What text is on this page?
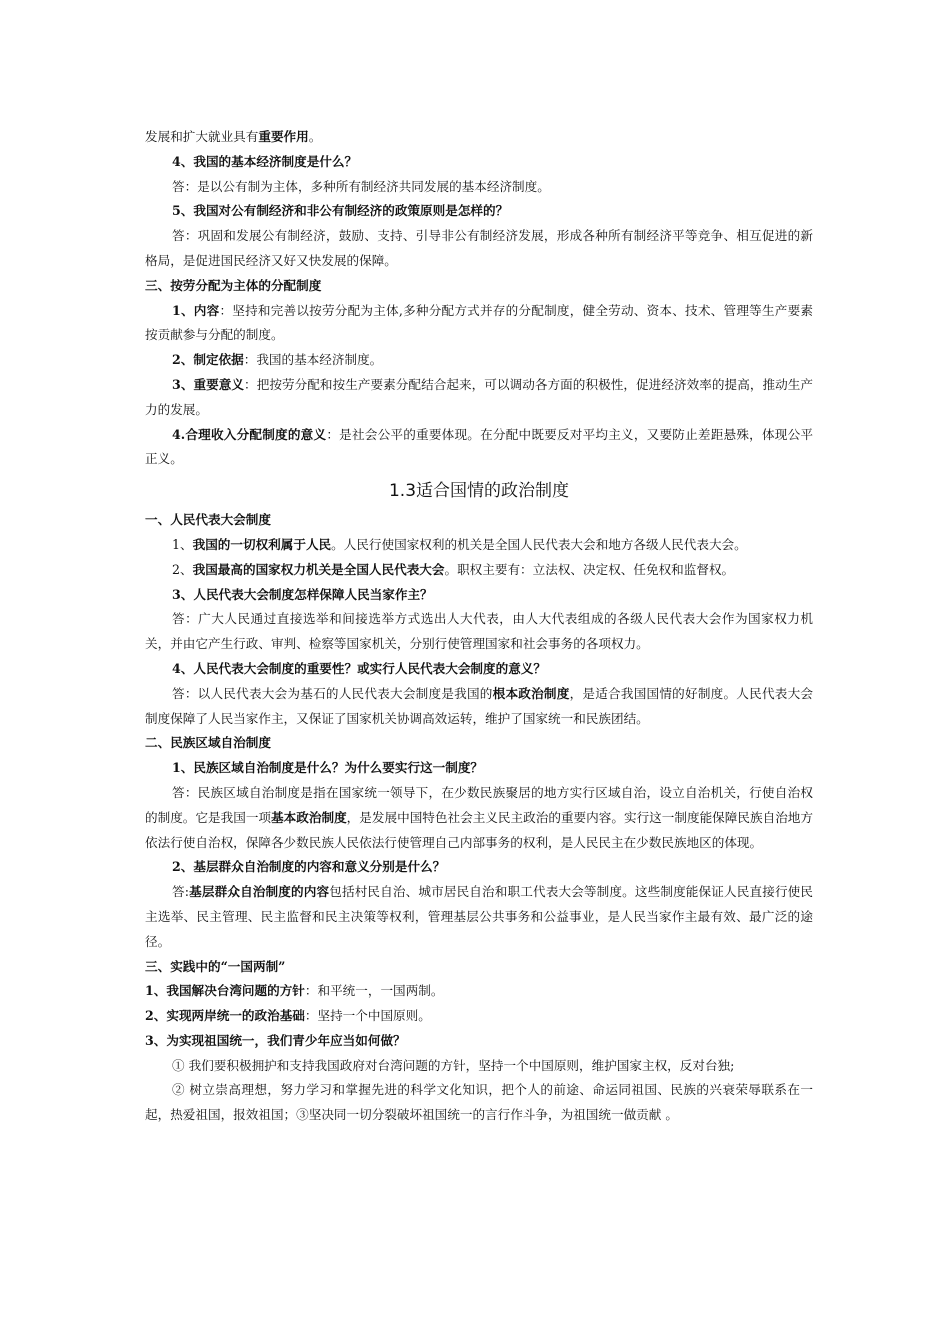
发展和扩大就业具有重要作用。

4、我国的基本经济制度是什么？

答：是以公有制为主体，多种所有制经济共同发展的基本经济制度。

5、我国对公有制经济和非公有制经济的政策原则是怎样的？

答：巩固和发展公有制经济，鼓励、支持、引导非公有制经济发展，形成各种所有制经济平等竞争、相互促进的新格局，是促进国民经济又好又快发展的保障。

三、按劳分配为主体的分配制度

1、内容：坚持和完善以按劳分配为主体,多种分配方式并存的分配制度，健全劳动、资本、技术、管理等生产要素按贡献参与分配的制度。

2、制定依据：我国的基本经济制度。

3、重要意义：把按劳分配和按生产要素分配结合起来，可以调动各方面的积极性，促进经济效率的提高，推动生产力的发展。

4.合理收入分配制度的意义：是社会公平的重要体现。在分配中既要反对平均主义，又要防止差距悬殊，体现公平正义。

1.3适合国情的政治制度

一、人民代表大会制度

1、我国的一切权利属于人民。人民行使国家权利的机关是全国人民代表大会和地方各级人民代表大会。

2、我国最高的国家权力机关是全国人民代表大会。职权主要有：立法权、决定权、任免权和监督权。

3、人民代表大会制度怎样保障人民当家作主？

答：广大人民通过直接选举和间接选举方式选出人大代表，由人大代表组成的各级人民代表大会作为国家权力机关，并由它产生行政、审判、检察等国家机关，分别行使管理国家和社会事务的各项权力。

4、人民代表大会制度的重要性？或实行人民代表大会制度的意义？

答：以人民代表大会为基石的人民代表大会制度是我国的根本政治制度，是适合我国国情的好制度。人民代表大会制度保障了人民当家作主，又保证了国家机关协调高效运转，维护了国家统一和民族团结。

二、民族区域自治制度

1、民族区域自治制度是什么？为什么要实行这一制度？

答：民族区域自治制度是指在国家统一领导下，在少数民族聚居的地方实行区域自治，设立自治机关，行使自治权的制度。它是我国一项基本政治制度，是发展中国特色社会主义民主政治的重要内容。实行这一制度能保障民族自治地方依法行使自治权，保障各少数民族人民依法行使管理自己内部事务的权利，是人民民主在少数民族地区的体现。

2、基层群众自治制度的内容和意义分别是什么？

答:基层群众自治制度的内容包括村民自治、城市居民自治和职工代表大会等制度。这些制度能保证人民直接行使民主选举、民主管理、民主监督和民主决策等权利，管理基层公共事务和公益事业，是人民当家作主最有效、最广泛的途径。

三、实践中的“一国两制”

1、我国解决台湾问题的方针：和平统一，一国两制。

2、实现两岸统一的政治基础：坚持一个中国原则。

3、为实现祖国统一，我们青少年应当如何做？

① 我们要积极拥护和支持我国政府对台湾问题的方针，坚持一个中国原则，维护国家主权，反对台独;

② 树立崇高理想，努力学习和掌握先进的科学文化知识，把个人的前途、命运同祖国、民族的兴衰荣辱联系在一起，热爱祖国，报效祖国；③坚决同一切分裂破坏祖国统一的言行作斗争，为祖国统一做贡献 。
